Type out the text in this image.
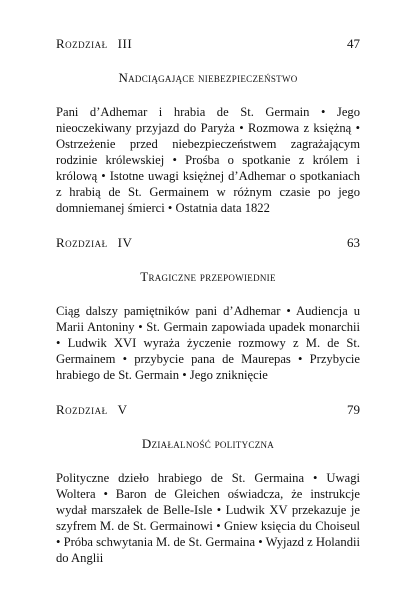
Rozdział III	47
Nadciągające niebezpieczeństwo
Pani d’Adhemar i hrabia de St. Germain • Jego nieoczekiwany przyjazd do Paryża • Rozmowa z księżną • Ostrzeżenie przed niebezpieczeństwem zagrażającym rodzinie królewskiej • Prośba o spotkanie z królem i królową • Istotne uwagi księżnej d’Adhemar o spotkaniach z hrabią de St. Germainem w różnym czasie po jego domniemanej śmierci • Ostatnia data 1822
Rozdział IV	63
Tragiczne przepowiednie
Ciąg dalszy pamiętników pani d’Adhemar • Audiencja u Marii Antoniny • St. Germain zapowiada upadek monarchii • Ludwik XVI wyraża życzenie rozmowy z M. de St. Germainem • przybycie pana de Maurepas • Przybycie hrabiego de St. Germain • Jego zniknięcie
Rozdział V	79
Działalność polityczna
Polityczne dzieło hrabiego de St. Germaina • Uwagi Woltera • Baron de Gleichen oświadcza, że instrukcje wydał marszałek de Belle-Isle • Ludwik XV przekazuje je szyfrem M. de St. Germainowi • Gniew księcia du Choiseul • Próba schwytania M. de St. Germaina • Wyjazd z Holandii do Anglii
